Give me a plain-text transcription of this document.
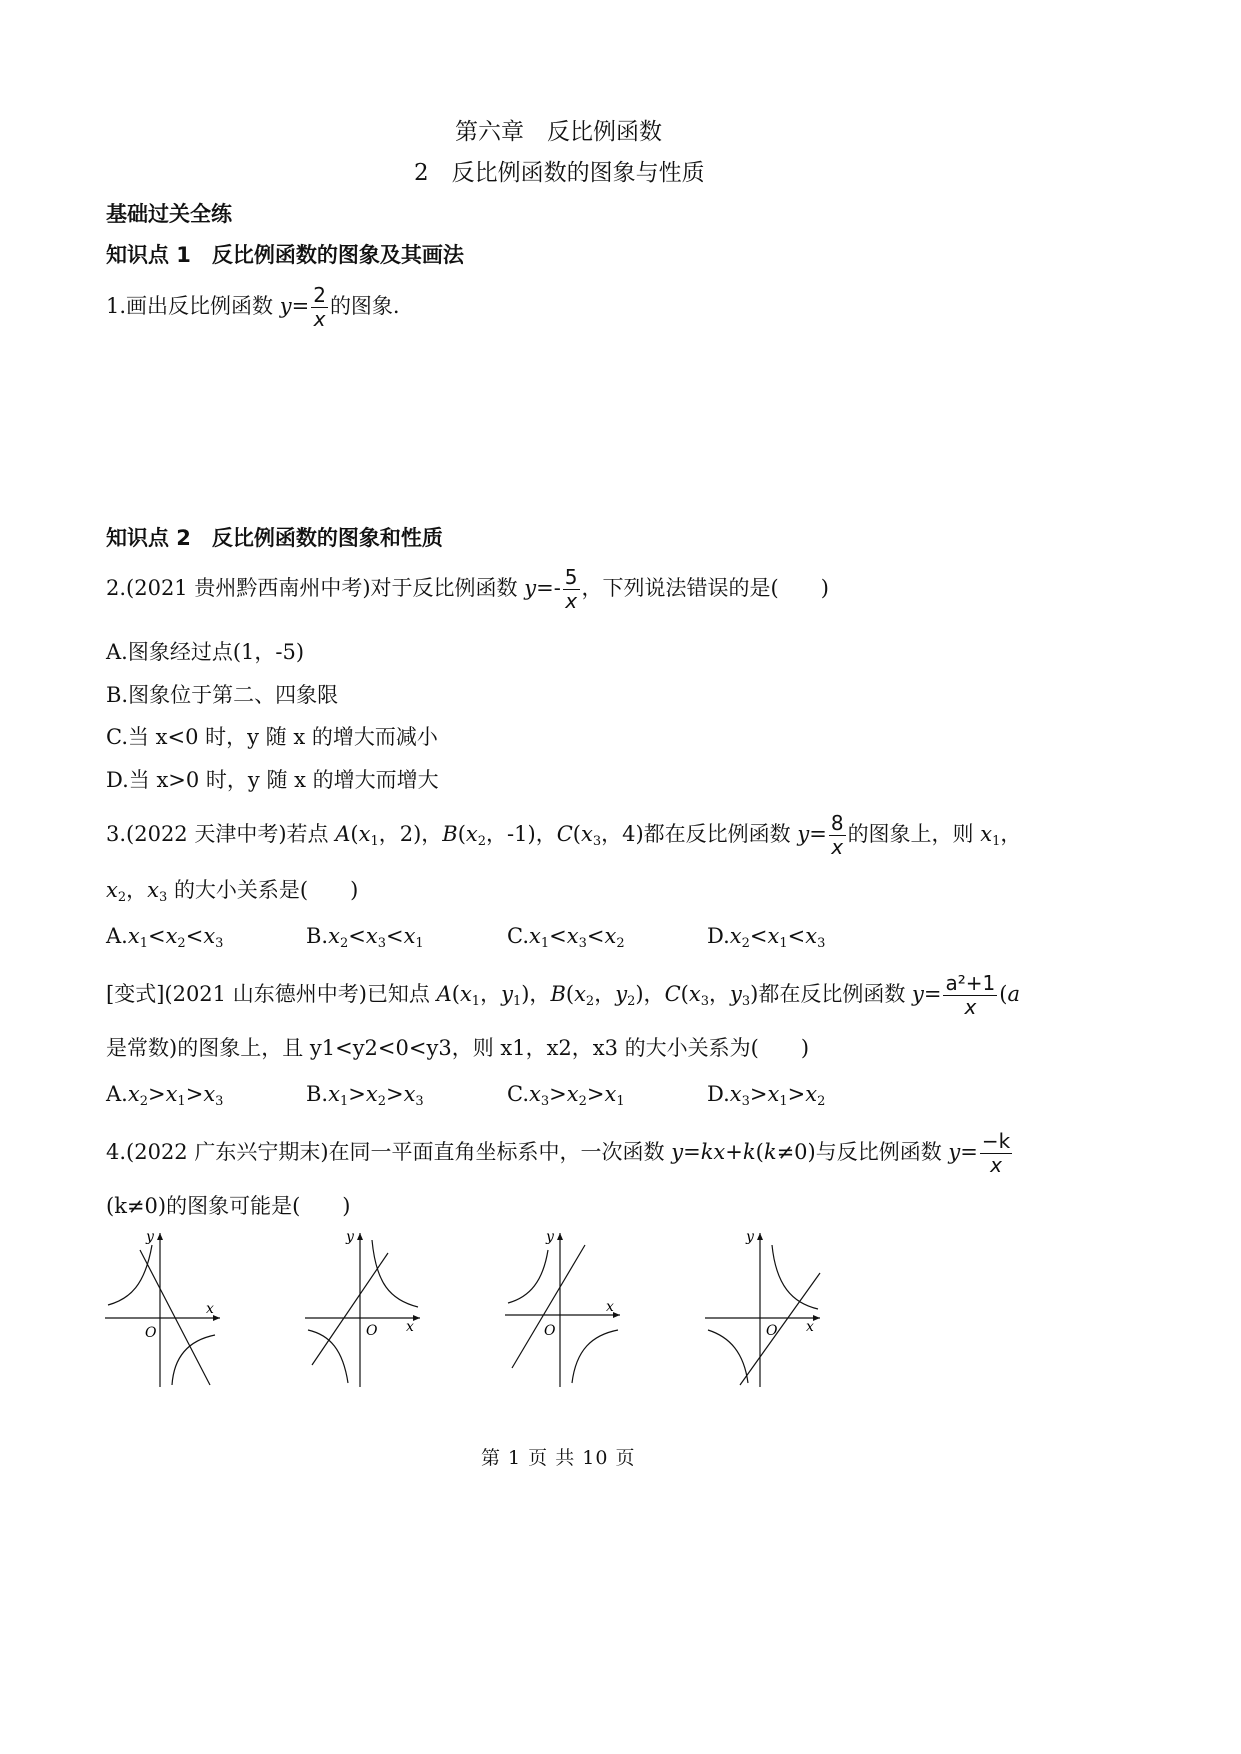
第六章　反比例函数
2　反比例函数的图象与性质
基础过关全练
知识点 1　反比例函数的图象及其画法
1.画出反比例函数 $y= \frac{2}{x}$ 的图象.
知识点 2　反比例函数的图象和性质
2.(2021 贵州黔西南州中考)对于反比例函数 $y=- \frac{5}{x}$ ，下列说法错误的是(　　)
A.图象经过点(1，-5)
B.图象位于第二、四象限
C.当 x<0 时，y 随 x 的增大而减小
D.当 x>0 时，y 随 x 的增大而增大
3.(2022 天津中考)若点 $A(x_1$，2)，$B(x_2$，-1)，$C(x_3$，4)都在反比例函数 $y= \frac{8}{x}$ 的图象上，则 $x_1$，
$x_2$，$x_3$ 的大小关系是(　　)
$A.x_1<x_2<x_3$	$B.x_2<x_3<x_1$	$C.x_1<x_3<x_2$	$D.x_2<x_1<x_3$
[变式](2021 山东德州中考)已知点 $A(x_1$，$y_1$)，$B(x_2$，$y_2$)，$C(x_3$，$y_3$)都在反比例函数 $y= \frac{\text{a²+1}}{x} (a$
是常数)的图象上，且 y1<y2<0<y3，则 x1，x2，x3 的大小关系为(　　)
$A.x_2>x_1>x_3$	$B.x_1>x_2>x_3$	$C.x_3>x_2>x_1$	$D.x_3>x_1>x_2$
4.(2022 广东兴宁期末)在同一平面直角坐标系中，一次函数 y=kx+k(k≠0)与反比例函数 $y= \frac{-k}{x}$
(k≠0)的图象可能是(　　)
y
x
O
y
x
O
y
x
O
y
x
O
第 1 页 共 10 页
